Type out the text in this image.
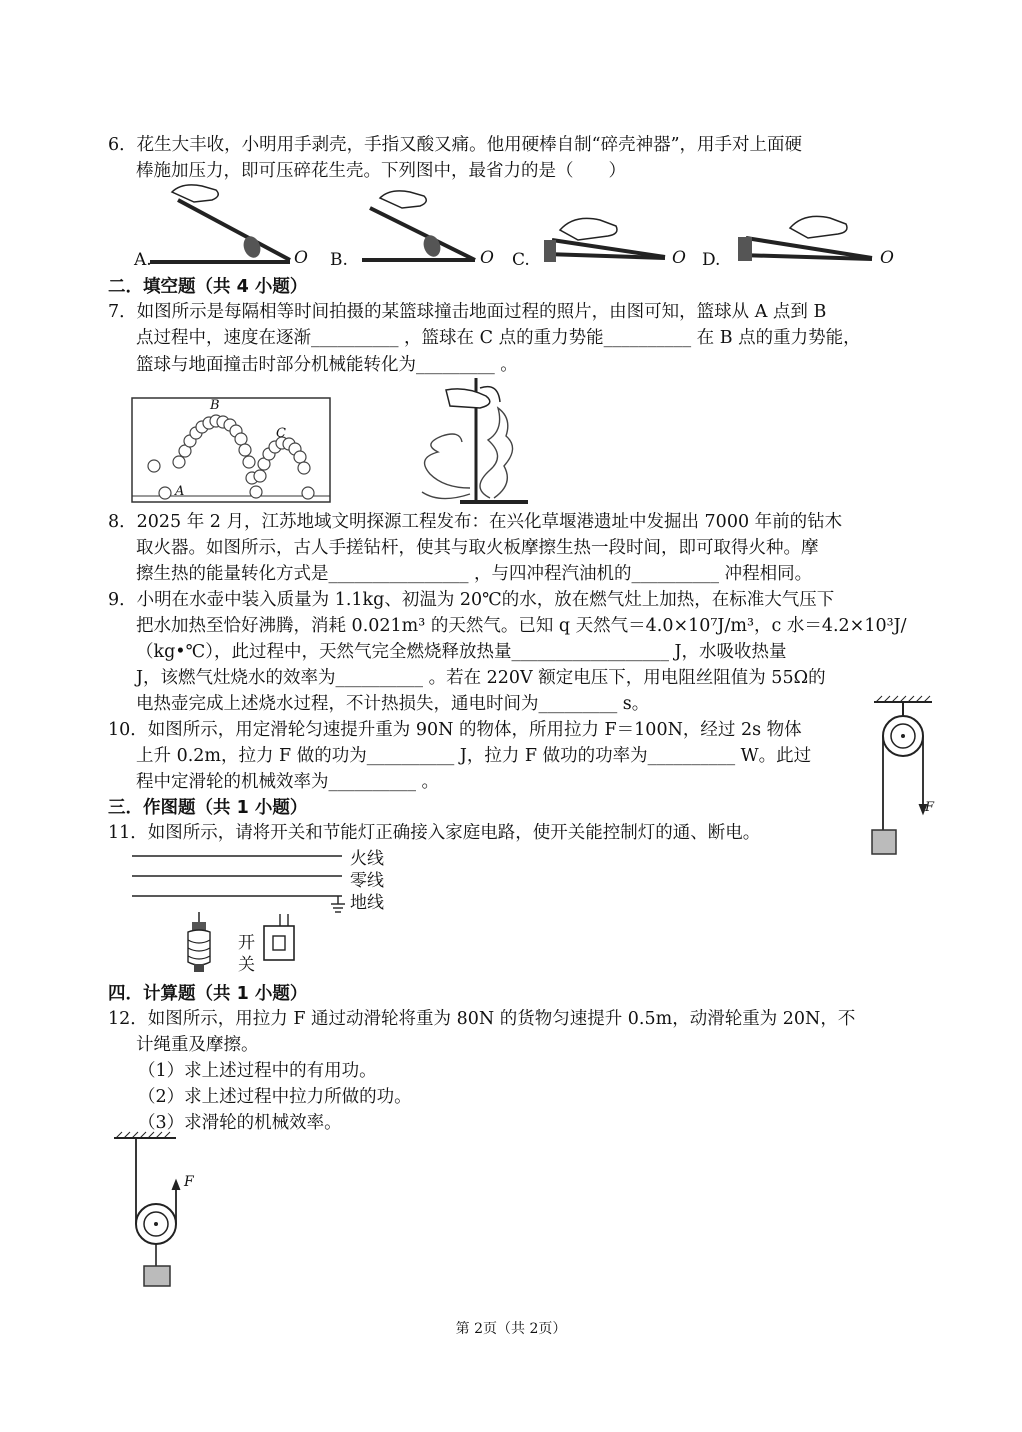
6．花生大丰收，小明用手剥壳，手指又酸又痛。他用硬棒自制“碎壳神器”，用手对上面硬
棒施加压力，即可压碎花生壳。下列图中，最省力的是（　　）
A.	O B.	O C.	O D.	O
二．填空题（共 4 小题）
7．如图所示是每隔相等时间拍摄的某篮球撞击地面过程的照片，由图可知，篮球从 A 点到 B
点过程中，速度在逐渐__________ ，篮球在 C 点的重力势能__________ 在 B 点的重力势能，
篮球与地面撞击时部分机械能转化为_________ 。
B
C
A
8．2025 年 2 月，江苏地域文明探源工程发布：在兴化草堰港遗址中发掘出 7000 年前的钻木
取火器。如图所示，古人手搓钻杆，使其与取火板摩擦生热一段时间，即可取得火种。摩
擦生热的能量转化方式是________________ ，与四冲程汽油机的__________ 冲程相同。
9．小明在水壶中装入质量为 1.1kg、初温为 20℃的水，放在燃气灶上加热，在标准大气压下
把水加热至恰好沸腾，消耗 0.021m³ 的天然气。已知 q 天然气＝4.0×10⁷J/m³，c 水＝4.2×10³J/
（kg•℃），此过程中，天然气完全燃烧释放热量__________________ J，水吸收热量
J，该燃气灶烧水的效率为__________ 。若在 220V 额定电压下，用电阻丝阻值为 55Ω的
电热壶完成上述烧水过程，不计热损失，通电时间为_________ s。
10．如图所示，用定滑轮匀速提升重为 90N 的物体，所用拉力 F＝100N，经过 2s 物体
上升 0.2m，拉力 F 做的功为__________ J，拉力 F 做功的功率为__________ W。此过
程中定滑轮的机械效率为__________ 。
F
三．作图题（共 1 小题）
11．如图所示，请将开关和节能灯正确接入家庭电路，使开关能控制灯的通、断电。
火线
零线
地线
开
关
四．计算题（共 1 小题）
12．如图所示，用拉力 F 通过动滑轮将重为 80N 的货物匀速提升 0.5m，动滑轮重为 20N，不
计绳重及摩擦。
（1）求上述过程中的有用功。
（2）求上述过程中拉力所做的功。
（3）求滑轮的机械效率。
F
第 2页（共 2页）
